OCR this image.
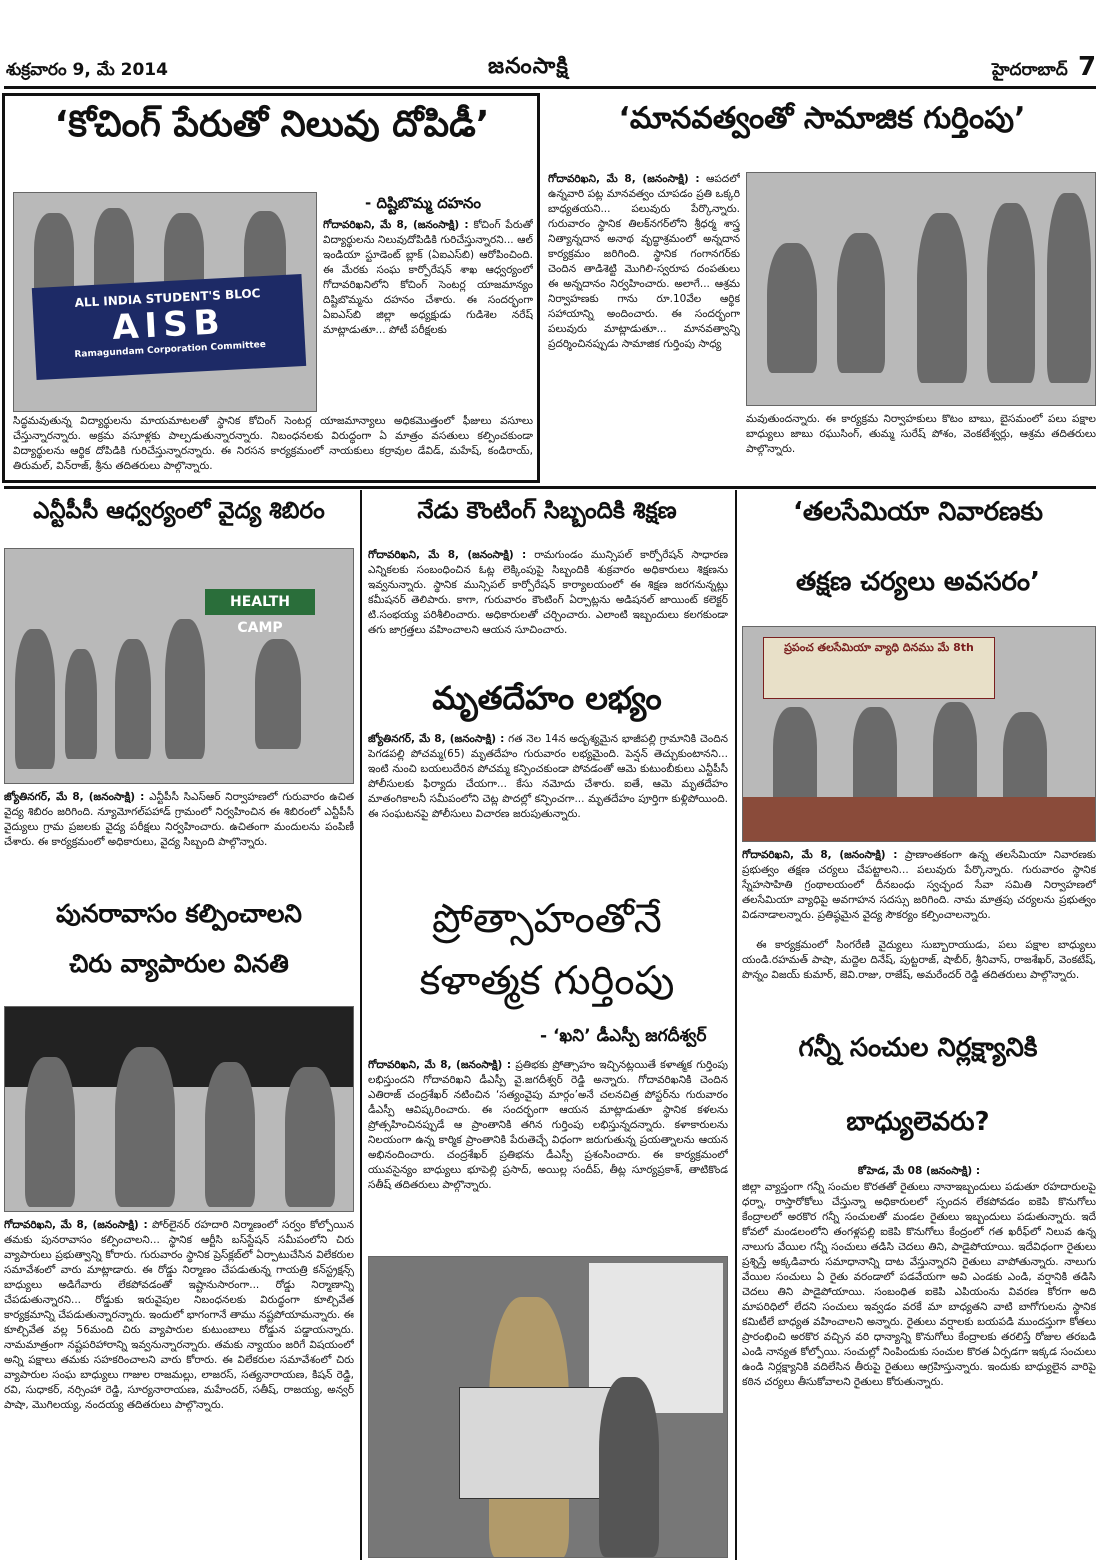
శుక్రవారం 9, మే 2014	జనంసాక్షి	హైదరాబాద్ 7
‘కోచింగ్ పేరుతో నిలువు దోపిడీ’
- దిష్టిబొమ్మ దహనం
ALL INDIA STUDENT'S BLOC
AISB
Ramagundam Corporation Committee
గోదావరిఖని, మే 8, (జనంసాక్షి) : కోచింగ్ పేరుతో విద్యార్థులను నిలువుదోపిడికి గురిచేస్తున్నారని... ఆల్ ఇండియా స్టూడెంట్ బ్లాక్ (ఏఐఎస్‌బి) ఆరోపించింది. ఈ మేరకు సంఘ కార్పోరేషన్ శాఖ ఆధ్వర్యంలో గోదావరిఖనిలోని కోచింగ్ సెంటర్ల యాజమాన్యం దిష్టిబొమ్మను దహనం చేశారు. ఈ సందర్భంగా ఏఐఎస్‌బి జిల్లా అధ్యక్షుడు గుడిశెల నరేష్ మాట్లాడుతూ... పోటీ పరీక్షలకు
సిద్ధమవుతున్న విద్యార్థులను మాయమాటలతో స్థానిక కోచింగ్ సెంటర్ల యాజమాన్యాలు అధికమొత్తంలో ఫీజులు వసూలు చేస్తున్నారన్నారు. అక్రమ వసూళ్లకు పాల్పడుతున్నారన్నారు. నిబంధనలకు విరుద్ధంగా ఏ మాత్రం వసతులు కల్పించకుండా విద్యార్థులను ఆర్థిక దోపిడికి గురిచేస్తున్నారన్నారు. ఈ నిరసన కార్యక్రమంలో నాయకులు కర్రావుల డేవిడ్, మహేష్, కండిరాయ్, తిరుమల్, విన్‌రాజ్, శ్రీను తదితరులు పాల్గొన్నారు.
‘మానవత్వంతో సామాజిక గుర్తింపు’
గోదావరిఖని, మే 8, (జనంసాక్షి) : ఆపదలో ఉన్నవారి పట్ల మానవత్వం చూపడం ప్రతి ఒక్కరి బాధ్యతయని... పలువురు పేర్కొన్నారు. గురువారం స్థానిక తిలక్‌నగర్‌లోని శ్రీధర్మ శాస్త్ర నిత్యాన్నదాన అనాథ వృద్ధాశ్రమంలో అన్నదాన కార్యక్రమం జరిగింది. స్థానిక గంగానగర్‌కు చెందిన తాడిశెట్టి మొగిలి-స్వరూప దంపతులు ఈ అన్నదానం నిర్వహించారు. అలాగే... ఆశ్రమ నిర్వాహణకు గాను రూ.10వేల ఆర్థిక సహాయాన్ని అందించారు. ఈ సందర్భంగా పలువురు మాట్లాడుతూ... మానవత్వాన్ని ప్రదర్శించినప్పుడు సామాజిక గుర్తింపు సాధ్య
మవుతుందన్నారు. ఈ కార్యక్రమ నిర్వాహకులు కొటం బాబు, బైసమంలో పలు పక్షాల బాధ్యులు జాబు రఘుసింగ్, తుమ్మ సురేష్ పోశం, వెంకటేశ్వర్లు, ఆశ్రమ తదితరులు పాల్గొన్నారు.
ఎన్టీపీసీ ఆధ్వర్యంలో వైద్య శిబిరం
HEALTH CAMP
జ్యోతినగర్, మే 8, (జనంసాక్షి) : ఎన్టీపీసీ సిఎస్ఆర్ నిర్వాహణలో గురువారం ఉచిత వైద్య శిబిరం జరిగింది. న్యూమోగల్‌పహాడ్ గ్రామంలో నిర్వహించిన ఈ శిబిరంలో ఎన్టీపీసీ వైద్యులు గ్రామ ప్రజలకు వైద్య పరీక్షలు నిర్వహించారు. ఉచితంగా మందులను పంపిణీ చేశారు. ఈ కార్యక్రమంలో అధికారులు, వైద్య సిబ్బంది పాల్గొన్నారు.
నేడు కౌంటింగ్ సిబ్బందికి శిక్షణ
గోదావరిఖని, మే 8, (జనంసాక్షి) : రామగుండం మున్సిపల్ కార్పోరేషన్ సాధారణ ఎన్నికలకు సంబంధించిన ఓట్ల లెక్కింపుపై సిబ్బందికి శుక్రవారం అధికారులు శిక్షణను ఇవ్వనున్నారు. స్థానిక మున్సిపల్ కార్పోరేషన్ కార్యాలయంలో ఈ శిక్షణ జరగనున్నట్లు కమీషనర్ తెలిపారు. కాగా, గురువారం కౌంటింగ్ ఏర్పాట్లను అడిషనల్ జాయింట్ కలెక్టర్ టి.సంభయ్య పరిశీలించారు. అధికారులతో చర్చించారు. ఎలాంటి ఇబ్బందులు కలగకుండా తగు జాగ్రత్తలు వహించాలని ఆయన సూచించారు.
మృతదేహం లభ్యం
జ్యోతినగర్, మే 8, (జనంసాక్షి) : గత నెల 14న అదృశ్యమైన భాజీపల్లి గ్రామానికి చెందిన పెగడపల్లి పోచమ్మ(65) మృతదేహం గురువారం లభ్యమైంది. పెన్షన్ తెచ్చుకుంటానని... ఇంటి నుంచి బయలుదేరిన పోచమ్మ కన్పించకుండా పోవడంతో ఆమె కుటుంబీకులు ఎన్టీపీసీ పోలీసులకు ఫిర్యాదు చేయగా... కేసు నమోదు చేశారు. ఐతే, ఆమె మృతదేహం మాతంగికాలనీ సమీపంలోని చెట్ల పొదల్లో కన్పించగా... మృతదేహం పూర్తిగా కుళ్లిపోయింది. ఈ సంఘటనపై పోలీసులు విచారణ జరుపుతున్నారు.
‘తలసేమియా నివారణకు
తక్షణ చర్యలు అవసరం’
ప్రపంచ తలసేమియా వ్యాధి దినము మే 8th
గోదావరిఖని, మే 8, (జనంసాక్షి) : ప్రాణాంతకంగా ఉన్న తలసేమియా నివారణకు ప్రభుత్వం తక్షణ చర్యలు చేపట్టాలని... పలువురు పేర్కొన్నారు. గురువారం స్థానిక స్నేహసాహితి గ్రంథాలయంలో దీనబంధు స్వచ్ఛంద సేవా సమితి నిర్వాహణలో తలసేమియా వ్యాధిపై అవగాహన సదస్సు జరిగింది. నామ మాత్రపు చర్యలను ప్రభుత్వం విడనాడాలన్నారు. ప్రతిష్ఠమైన వైద్య సౌకర్యం కల్పించాలన్నారు.
ఈ కార్యక్రమంలో సింగరేణి వైద్యులు సుబ్బారాయుడు, పలు పక్షాల బాధ్యులు యండి.రహమత్ పాషా, మద్దెల దినేష్, పుట్టరాజ్, షాబీర్, శ్రీనివాస్, రాజశేఖర్, వెంకటేష్, పొన్నం విజయ్ కుమార్, జెవి.రాజు, రాజేష్, అమరేందర్ రెడ్డి తదితరులు పాల్గొన్నారు.
పునరావాసం కల్పించాలని
చిరు వ్యాపారుల వినతి
గోదావరిఖని, మే 8, (జనంసాక్షి) : పోర్‌లైనర్ రహదారి నిర్మాణంలో సర్వం కోల్పోయిన తమకు పునరావాసం కల్పించాలని... స్థానిక ఆర్టీసి బస్‌స్టేషన్ సమీపంలోని చిరు వ్యాపారులు ప్రభుత్వాన్ని కోరారు. గురువారం స్థానిక ప్రెస్‌క్లబ్‌లో ఏర్పాటుచేసిన విలేకరుల సమావేశంలో వారు మాట్లాడారు. ఈ రోడ్డు నిర్మాణం చేపడుతున్న గాయత్రి కన్‌స్ట్రక్షన్స్ బాధ్యులు అడిగేవారు లేకపోవడంతో ఇష్టానుసారంగా... రోడ్డు నిర్మాణాన్ని చేపడుతున్నారని... రోడ్డుకు ఇరువైపుల నిబంధనలకు విరుద్ధంగా కూల్చివేత కార్యక్రమాన్ని చేపడుతున్నారన్నారు. ఇందులో భాగంగానే తాము నష్టపోయామన్నారు. ఈ కూల్చివేత వల్ల 56మంది చిరు వ్యాపారుల కుటుంబాలు రోడ్డున పడ్డాయన్నారు. నామమాత్రంగా నష్టపరిహారాన్ని ఇవ్వనున్నారన్నారు. తమకు న్యాయం జరిగే విషయంలో అన్ని పక్షాలు తమకు సహకరించాలని వారు కోరారు. ఈ విలేకరుల సమావేశంలో చిరు వ్యాపారుల సంఘ బాధ్యులు గాజుల రాజమల్లు, లాజరస్, సత్యనారాయణ, కిషన్ రెడ్డి, రవి, సుధాకర్, నర్సింహా రెడ్డి, సూర్యనారాయణ, మహేందర్, సతీష్, రాజయ్య, అన్వర్ పాషా, మొగిలయ్య, నందయ్య తదితరులు పాల్గొన్నారు.
ప్రోత్సాహంతోనే
కళాత్మక గుర్తింపు
- ‘ఖని’ డీఎస్పీ జగదీశ్వర్
గోదావరిఖని, మే 8, (జనంసాక్షి) : ప్రతిభకు ప్రోత్సాహం ఇచ్చినట్లయితే కళాత్మక గుర్తింపు లభిస్తుందని గోదావరిఖని డీఎస్పీ వై.జగదీశ్వర్ రెడ్డి అన్నారు. గోదావరిఖనికి చెందిన ఎతిరాజ్ చంద్రశేఖర్ నటించిన ‘సత్యంవైపు మార్గం’అనే చలనచిత్ర పోస్టర్‌ను గురువారం డీఎస్పీ ఆవిష్కరించారు. ఈ సందర్భంగా ఆయన మాట్లాడుతూ స్థానిక కళలను ప్రోత్సహించినప్పుడే ఆ ప్రాంతానికి తగిన గుర్తింపు లభిస్తున్నదన్నారు. కళాకారులను నిలయంగా ఉన్న కార్మిక ప్రాంతానికి పేరుతెచ్చే విధంగా జరుగుతున్న ప్రయత్నాలను ఆయన అభినందించారు. చంద్రశేఖర్ ప్రతిభను డీఎస్పీ ప్రశంసించారు. ఈ కార్యక్రమంలో యువసైన్యం బాధ్యులు భూపెల్లి ప్రసాద్, అయిల్ల సందీప్, తీట్ల సూర్యప్రకాశ్, తాటికొండ సతీష్ తదితరులు పాల్గొన్నారు.
గన్నీ సంచుల నిర్లక్ష్యానికి
బాధ్యులెవరు?
కోహెడ, మే 08 (జనంసాక్షి) :
జిల్లా వ్యాప్తంగా గన్నీ సంచుల కొరతతో రైతులు నానాఇబ్బందులు పడుతూ రహదారులపై ధర్నా, రాస్తారోకోలు చేస్తున్నా అధికారులలో స్పందన లేకపోవడం ఐకెపి కొనుగోలు కేంద్రాలలో అరకొర గన్నీ సంచులతో మండల రైతులు ఇబ్బందులు పడుతున్నారు. ఇదే కోవలో మండలంలోని తంగళ్లపల్లి ఐకెపి కొనుగోలు కేంద్రంలో గత ఖరీఫ్‌లో నిలువ ఉన్న నాలుగు వేయిల గన్నీ సంచులు తడిసి చెదలు తిని, పాడైపోయాయి. ఇదేవిధంగా రైతులు ప్రశ్నిస్తే అక్కడివారు సమాధానాన్ని దాట వేస్తున్నారని రైతులు వాపోతున్నారు. నాలుగు వేయిల సంచులు ఏ రైతు వరండాలో పడవేయగా అవి ఎండకు ఎండి, వర్షానికి తడిసి చెదలు తిని పాడైపోయాయి. సంబంధిత ఐకెపి ఎపియంను వివరణ కోరగా అది మాపరిధిలో లేదని సంచులు ఇవ్వడం వరకే మా బాధ్యతని వాటి బాగోగులను స్థానిక కమిటీలే బాధ్యత వహించాలని అన్నారు. రైతులు వర్షాలకు బయపడి ముందస్తుగా కోతలు ప్రారంభించి అరకొర వచ్చిన వరి ధాన్యాన్ని కొనుగోలు కేంద్రాలకు తరలిస్తే రోజుల తరబడి ఎండి నాన్యత కోల్పోయి. సంచుల్లో నింపిందుకు సంచుల కొరత ఏర్పడగా ఇక్కడ సంచులు ఉండి నిర్లక్ష్యానికి వదిలేసిన తీరుపై రైతులు ఆగ్రహిస్తున్నారు. ఇందుకు బాధ్యులైన వారిపై కఠిన చర్యలు తీసుకోవాలని రైతులు కోరుతున్నారు.
